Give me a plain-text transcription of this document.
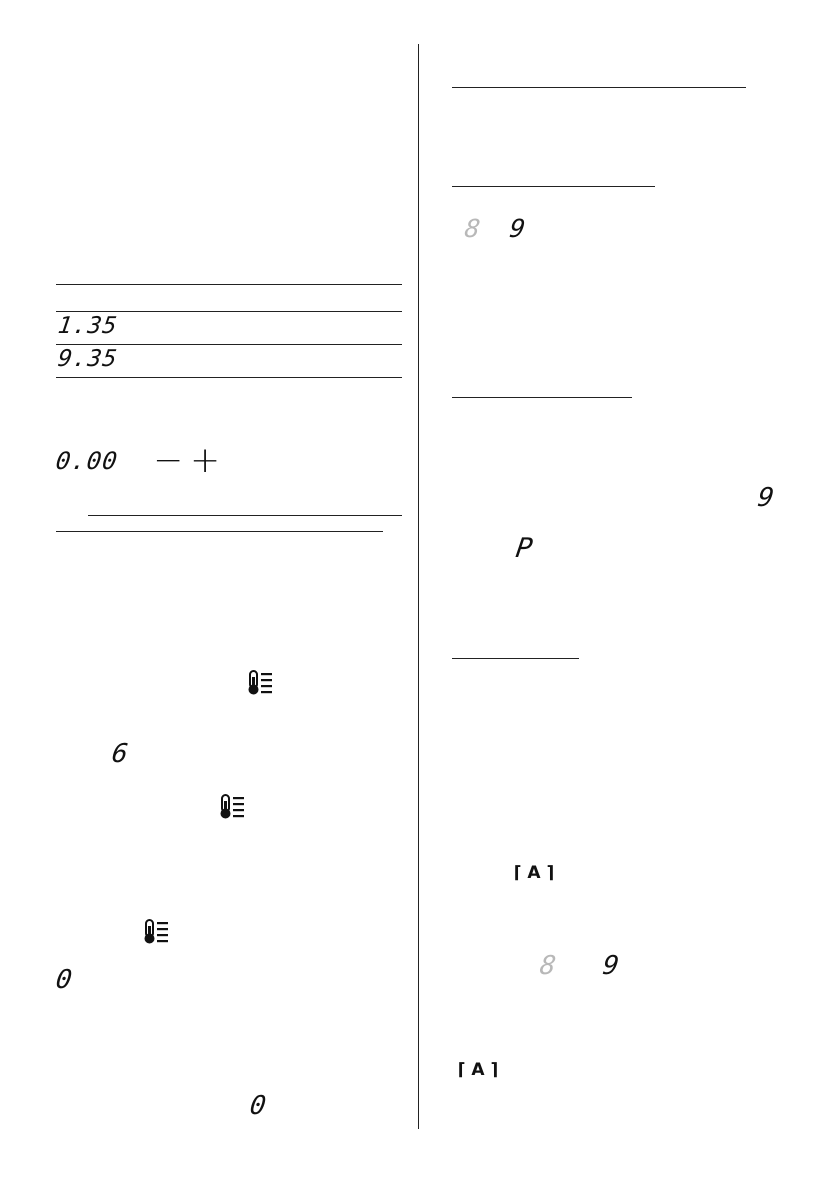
1.35
9.35
0.00 − +
6
0
0
8 9
9
P

⌈ A ⌉

8 9

⌈ A ⌉
